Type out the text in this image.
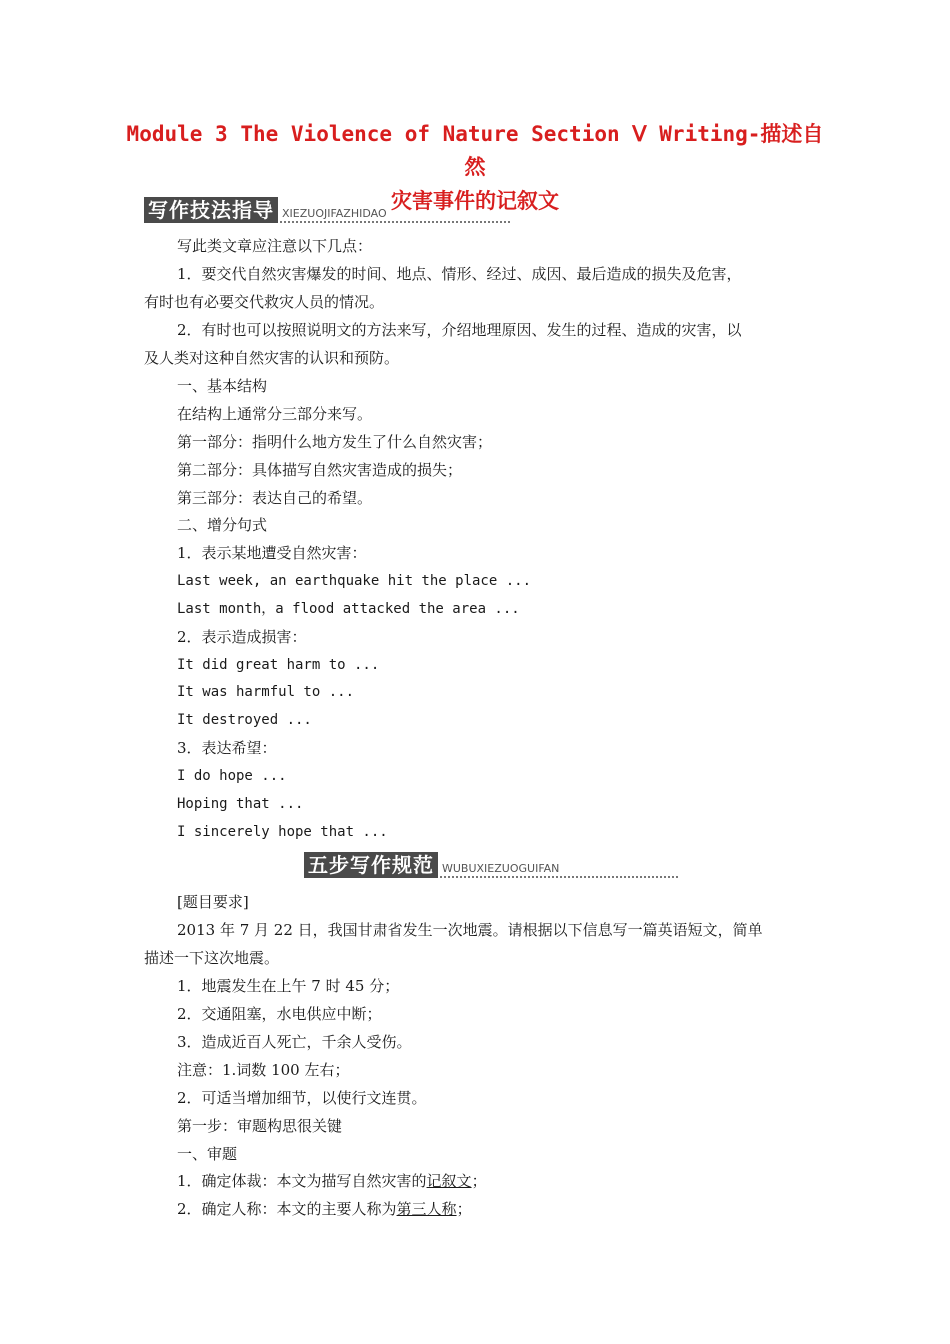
Module 3 The Violence of Nature Section Ⅴ Writing-描述自然
灾害事件的记叙文
写作技法指导 XIEZUOJIFAZHIDAO
写此类文章应注意以下几点：
1．要交代自然灾害爆发的时间、地点、情形、经过、成因、最后造成的损失及危害，
有时也有必要交代救灾人员的情况。
2．有时也可以按照说明文的方法来写，介绍地理原因、发生的过程、造成的灾害，以
及人类对这种自然灾害的认识和预防。
一、基本结构
在结构上通常分三部分来写。
第一部分：指明什么地方发生了什么自然灾害；
第二部分：具体描写自然灾害造成的损失；
第三部分：表达自己的希望。
二、增分句式
1．表示某地遭受自然灾害：
Last week, an earthquake hit the place ...
Last month，a flood attacked the area ...
2．表示造成损害：
It did great harm to ...
It was harmful to ...
It destroyed ...
3．表达希望：
I do hope ...
Hoping that ...
I sincerely hope that ...
五步写作规范 WUBUXIEZUOGUIFAN
[题目要求]
2013 年 7 月 22 日，我国甘肃省发生一次地震。请根据以下信息写一篇英语短文，简单
描述一下这次地震。
1．地震发生在上午 7 时 45 分；
2．交通阻塞，水电供应中断；
3．造成近百人死亡，千余人受伤。
注意：1.词数 100 左右；
2．可适当增加细节，以使行文连贯。
第一步：审题构思很关键
一、审题
1．确定体裁：本文为描写自然灾害的记叙文；
2．确定人称：本文的主要人称为第三人称；
